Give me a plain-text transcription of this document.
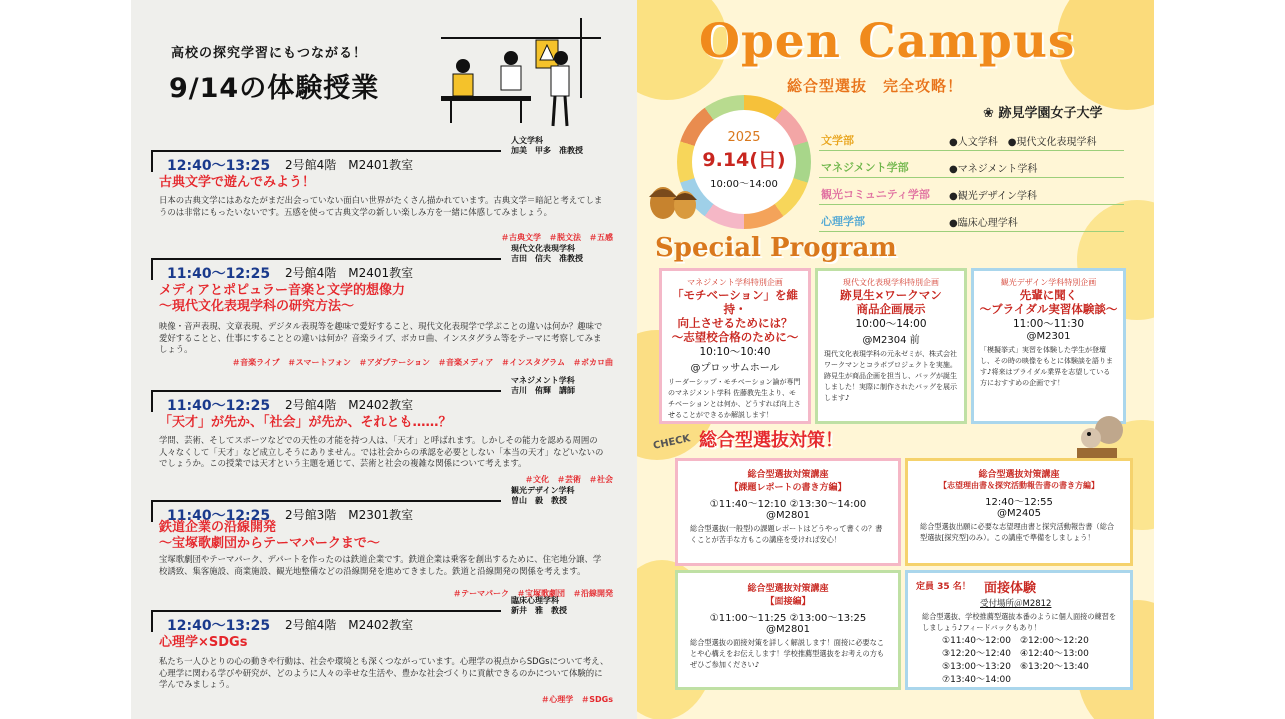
高校の探究学習にもつながる！
9/14の体験授業
人文学科
加美　甲多　准教授
12:40～13:25 2号館4階　M2401教室
古典文学で遊んでみよう！
日本の古典文学にはあなたがまだ出会っていない面白い世界がたくさん描かれています。古典文学＝暗記と考えてしまうのは非常にもったいないです。五感を使って古典文学の新しい楽しみ方を一緒に体感してみましょう。
＃古典文学　＃脱文法　＃五感
現代文化表現学科
吉田　信夫　准教授
11:40～12:25 2号館4階　M2401教室
メディアとポピュラー音楽と文学的想像力
～現代文化表現学科の研究方法～
映像・音声表現、文章表現、デジタル表現等を趣味で愛好すること、現代文化表現学で学ぶことの違いは何か？趣味で愛好することと、仕事にすることとの違いは何か？音楽ライブ、ボカロ曲、インスタグラム等をテーマに考察してみましょう。
＃音楽ライブ　＃スマートフォン　＃アダプテーション　＃音楽メディア　＃インスタグラム　＃ボカロ曲
マネジメント学科
吉川　侑輝　講師
11:40～12:25 2号館4階　M2402教室
「天才」が先か、「社会」が先か、それとも……？
学問、芸術、そしてスポーツなどでの天性の才能を持つ人は、「天才」と呼ばれます。しかしその能力を認める周囲の人々なくして「天才」など成立しそうにありません。では社会からの承認を必要としない「本当の天才」などいないのでしょうか。この授業では天才という主題を通じて、芸術と社会の複雑な関係について考えます。
＃文化　＃芸術　＃社会
観光デザイン学科
曽山　毅　教授
11:40～12:25 2号館3階　M2301教室
鉄道企業の沿線開発
～宝塚歌劇団からテーマパークまで～
宝塚歌劇団やテーマパーク、デパートを作ったのは鉄道企業です。鉄道企業は乗客を創出するために、住宅地分譲、学校誘致、集客施設、商業施設、観光地整備などの沿線開発を進めてきました。鉄道と沿線開発の関係を考えます。
＃テーマパーク　＃宝塚歌劇団　＃沿線開発
臨床心理学科
新井　雅　教授
12:40～13:25 2号館4階　M2402教室
心理学×SDGs
私たち一人ひとりの心の動きや行動は、社会や環境とも深くつながっています。心理学の視点からSDGsについて考え、心理学に関わる学びや研究が、どのように人々の幸せな生活や、豊かな社会づくりに貢献できるのかについて体験的に学んでみましょう。
＃心理学　＃SDGs
Open Campus
総合型選抜　完全攻略！
❀ 跡見学園女子大学
2025
9.14(日)
10:00～14:00
文学部	●人文学科　●現代文化表現学科
マネジメント学部	●マネジメント学科
観光コミュニティ学部 ●観光デザイン学科
心理学部	●臨床心理学科
Special Program
マネジメント学科特別企画
「モチベーション」を維持・
向上させるためには？
～志望校合格のために～
10:10～10:40
@プロッサムホール
リーダーシップ・モチベーション論が専門のマネジメント学科 佐藤教先生より、モチベーションとは何か、どうすれば向上させることができるか解説します！
現代文化表現学科特別企画
跡見生×ワークマン
商品企画展示
10:00～14:00
@M2304 前
現代文化表現学科の元永ゼミが、株式会社ワークマンとコラボプロジェクトを実施。跡見生が商品企画を担当し、バッグが誕生しました！実際に制作されたバッグを展示します♪
観光デザイン学科特別企画
先輩に聞く
～ブライダル実習体験談～
11:00～11:30
@M2301
「模擬挙式」実習を体験した学生が登壇し、その時の映像をもとに体験談を語ります♪将来はブライダル業界を志望している方におすすめの企画です！
CHECK 総合型選抜対策！
総合型選抜対策講座
【課題レポートの書き方編】
①11:40～12:10 ②13:30～14:00
@M2801
総合型選抜(一般型)の課題レポートはどうやって書くの？書くことが苦手な方もこの講座を受ければ安心！
総合型選抜対策講座
【志望理由書＆探究活動報告書の書き方編】
12:40～12:55
@M2405
総合型選抜出願に必要な志望理由書と探究活動報告書（総合型選抜[探究型]のみ）。この講座で準備をしましょう！
総合型選抜対策講座
【面接編】
①11:00～11:25 ②13:00～13:25
@M2801
総合型選抜の面接対策を詳しく解説します！面接に必要なことや心構えをお伝えします！学校推薦型選抜をお考えの方もぜひご参加ください♪
定員 35 名！ 面接体験
受付場所＠M2812
総合型選抜、学校推薦型選抜本番のように個人面接の練習をしましょう♪フィードバックもあり！
①11:40～12:00　②12:00～12:20
③12:20～12:40　④12:40～13:00
⑤13:00～13:20　⑥13:20～13:40
⑦13:40～14:00
